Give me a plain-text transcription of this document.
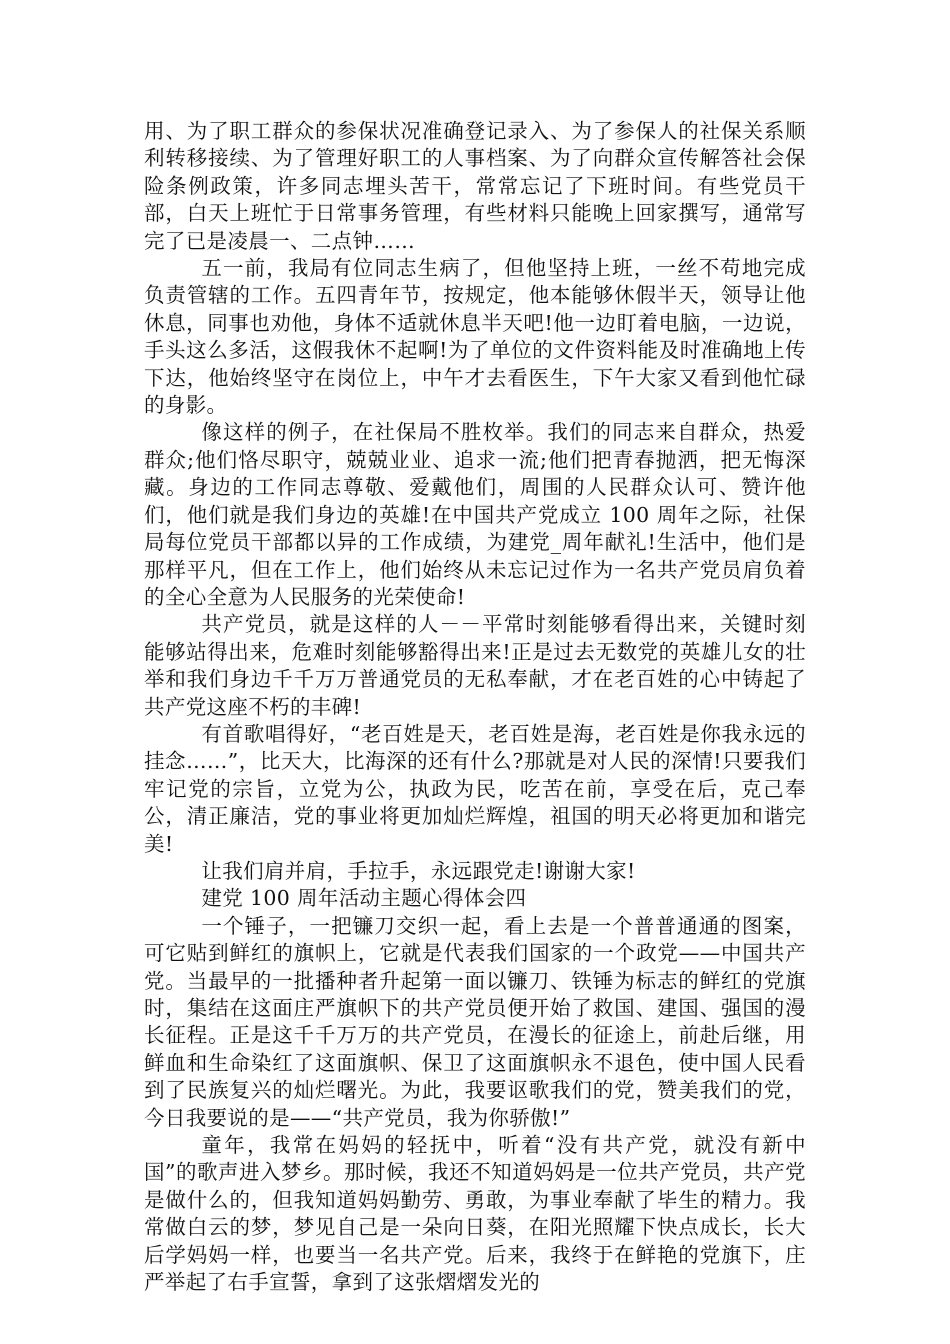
用、为了职工群众的参保状况准确登记录入、为了参保人的社保关系顺利转移接续、为了管理好职工的人事档案、为了向群众宣传解答社会保险条例政策，许多同志埋头苦干，常常忘记了下班时间。有些党员干部，白天上班忙于日常事务管理，有些材料只能晚上回家撰写，通常写完了已是凌晨一、二点钟……

五一前，我局有位同志生病了，但他坚持上班，一丝不苟地完成负责管辖的工作。五四青年节，按规定，他本能够休假半天，领导让他休息，同事也劝他，身体不适就休息半天吧!他一边盯着电脑，一边说，手头这么多活，这假我休不起啊!为了单位的文件资料能及时准确地上传下达，他始终坚守在岗位上，中午才去看医生，下午大家又看到他忙碌的身影。

像这样的例子，在社保局不胜枚举。我们的同志来自群众，热爱群众;他们恪尽职守，兢兢业业、追求一流;他们把青春抛洒，把无悔深藏。身边的工作同志尊敬、爱戴他们，周围的人民群众认可、赞许他们，他们就是我们身边的英雄!在中国共产党成立 100 周年之际，社保局每位党员干部都以异的工作成绩，为建党_周年献礼!生活中，他们是那样平凡，但在工作上，他们始终从未忘记过作为一名共产党员肩负着的全心全意为人民服务的光荣使命!

共产党员，就是这样的人－－平常时刻能够看得出来，关键时刻能够站得出来，危难时刻能够豁得出来!正是过去无数党的英雄儿女的壮举和我们身边千千万万普通党员的无私奉献，才在老百姓的心中铸起了共产党这座不朽的丰碑!

有首歌唱得好，“老百姓是天，老百姓是海，老百姓是你我永远的挂念……”，比天大，比海深的还有什么?那就是对人民的深情!只要我们牢记党的宗旨，立党为公，执政为民，吃苦在前，享受在后，克己奉公，清正廉洁，党的事业将更加灿烂辉煌，祖国的明天必将更加和谐完美!

让我们肩并肩，手拉手，永远跟党走!谢谢大家!

建党 100 周年活动主题心得体会四

一个锤子，一把镰刀交织一起，看上去是一个普普通通的图案，可它贴到鲜红的旗帜上，它就是代表我们国家的一个政党——中国共产党。当最早的一批播种者升起第一面以镰刀、铁锤为标志的鲜红的党旗时，集结在这面庄严旗帜下的共产党员便开始了救国、建国、强国的漫长征程。正是这千千万万的共产党员，在漫长的征途上，前赴后继，用鲜血和生命染红了这面旗帜、保卫了这面旗帜永不退色，使中国人民看到了民族复兴的灿烂曙光。为此，我要讴歌我们的党，赞美我们的党，今日我要说的是——“共产党员，我为你骄傲!”

童年，我常在妈妈的轻抚中，听着“没有共产党，就没有新中国”的歌声进入梦乡。那时候，我还不知道妈妈是一位共产党员，共产党是做什么的，但我知道妈妈勤劳、勇敢，为事业奉献了毕生的精力。我常做白云的梦，梦见自己是一朵向日葵，在阳光照耀下快点成长，长大后学妈妈一样，也要当一名共产党。后来，我终于在鲜艳的党旗下，庄严举起了右手宣誓，拿到了这张熠熠发光的
